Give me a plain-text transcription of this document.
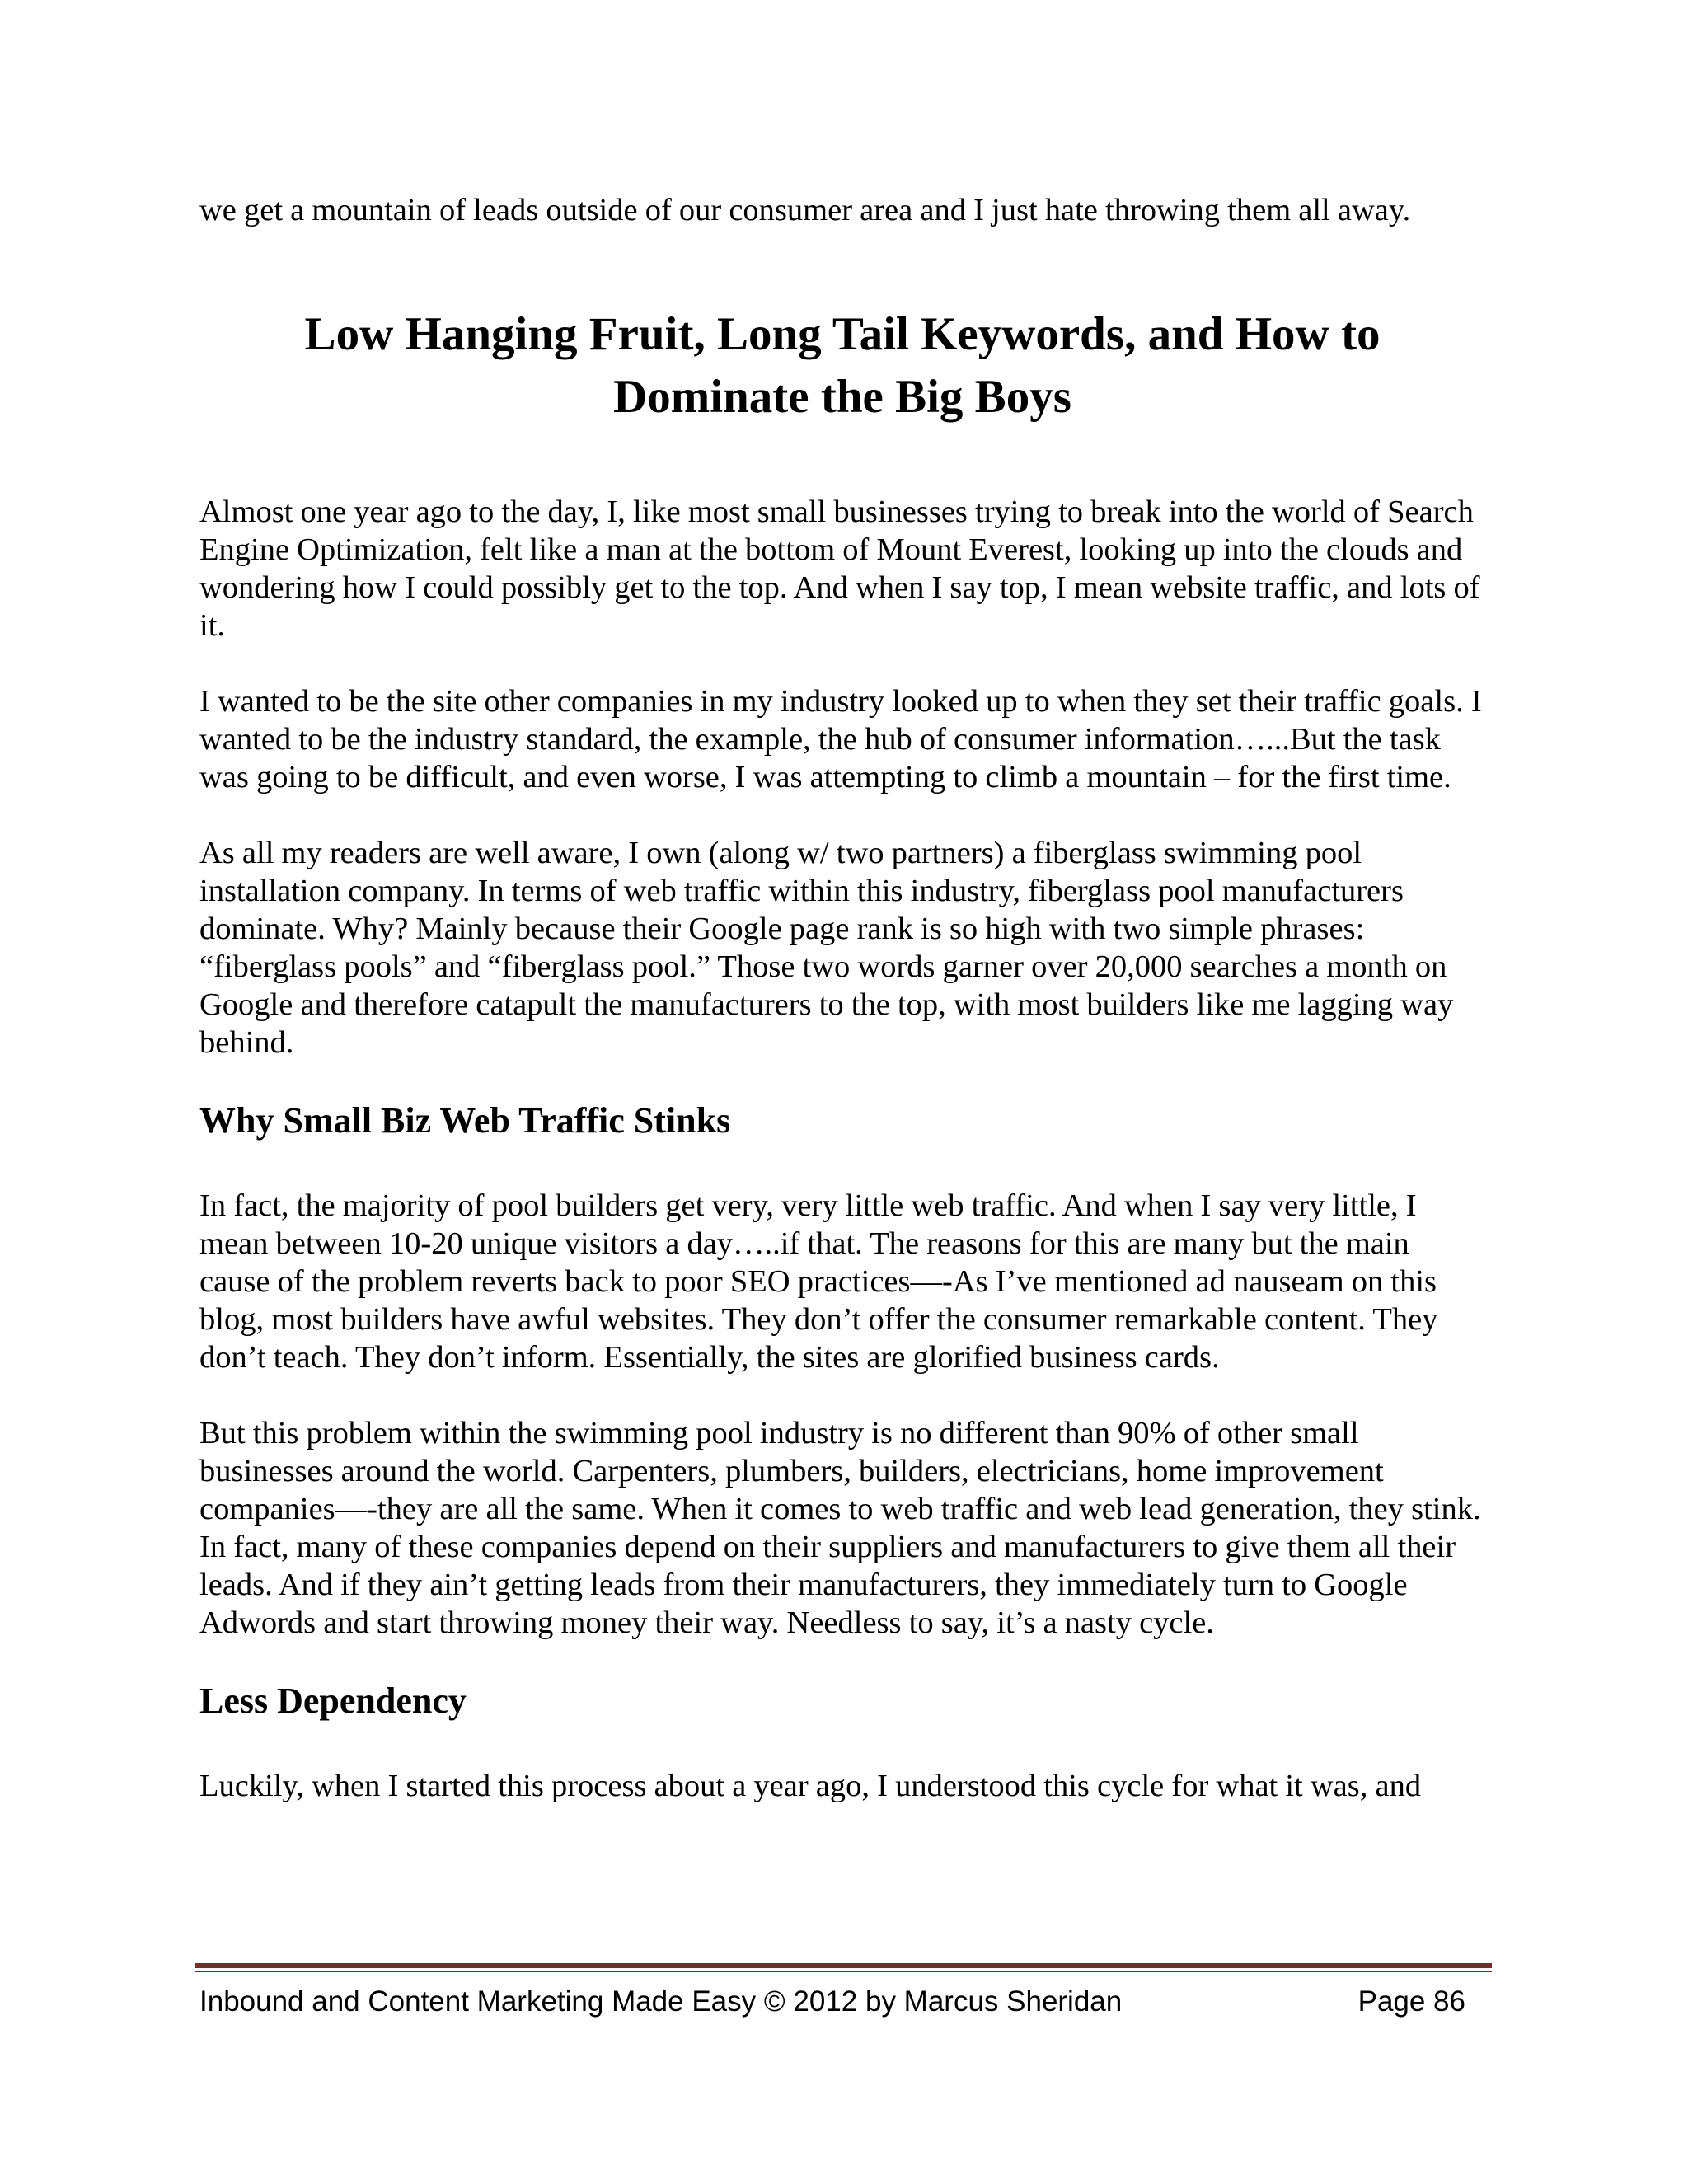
we get a mountain of leads outside of our consumer area and I just hate throwing them all away.

Low Hanging Fruit, Long Tail Keywords, and How to
Dominate the Big Boys

Almost one year ago to the day, I, like most small businesses trying to break into the world of Search Engine Optimization, felt like a man at the bottom of Mount Everest, looking up into the clouds and wondering how I could possibly get to the top. And when I say top, I mean website traffic, and lots of it.

I wanted to be the site other companies in my industry looked up to when they set their traffic goals. I wanted to be the industry standard, the example, the hub of consumer information…...But the task was going to be difficult, and even worse, I was attempting to climb a mountain – for the first time.

As all my readers are well aware, I own (along w/ two partners) a fiberglass swimming pool installation company. In terms of web traffic within this industry, fiberglass pool manufacturers dominate. Why? Mainly because their Google page rank is so high with two simple phrases: “fiberglass pools” and “fiberglass pool.” Those two words garner over 20,000 searches a month on Google and therefore catapult the manufacturers to the top, with most builders like me lagging way behind.

Why Small Biz Web Traffic Stinks

In fact, the majority of pool builders get very, very little web traffic. And when I say very little, I mean between 10-20 unique visitors a day…..if that. The reasons for this are many but the main cause of the problem reverts back to poor SEO practices—-As I’ve mentioned ad nauseam on this blog, most builders have awful websites. They don’t offer the consumer remarkable content. They don’t teach. They don’t inform. Essentially, the sites are glorified business cards.

But this problem within the swimming pool industry is no different than 90% of other small businesses around the world. Carpenters, plumbers, builders, electricians, home improvement companies—-they are all the same. When it comes to web traffic and web lead generation, they stink. In fact, many of these companies depend on their suppliers and manufacturers to give them all their leads. And if they ain’t getting leads from their manufacturers, they immediately turn to Google Adwords and start throwing money their way. Needless to say, it’s a nasty cycle.

Less Dependency

Luckily, when I started this process about a year ago, I understood this cycle for what it was, and

Inbound and Content Marketing Made Easy © 2012 by Marcus Sheridan	Page 86
